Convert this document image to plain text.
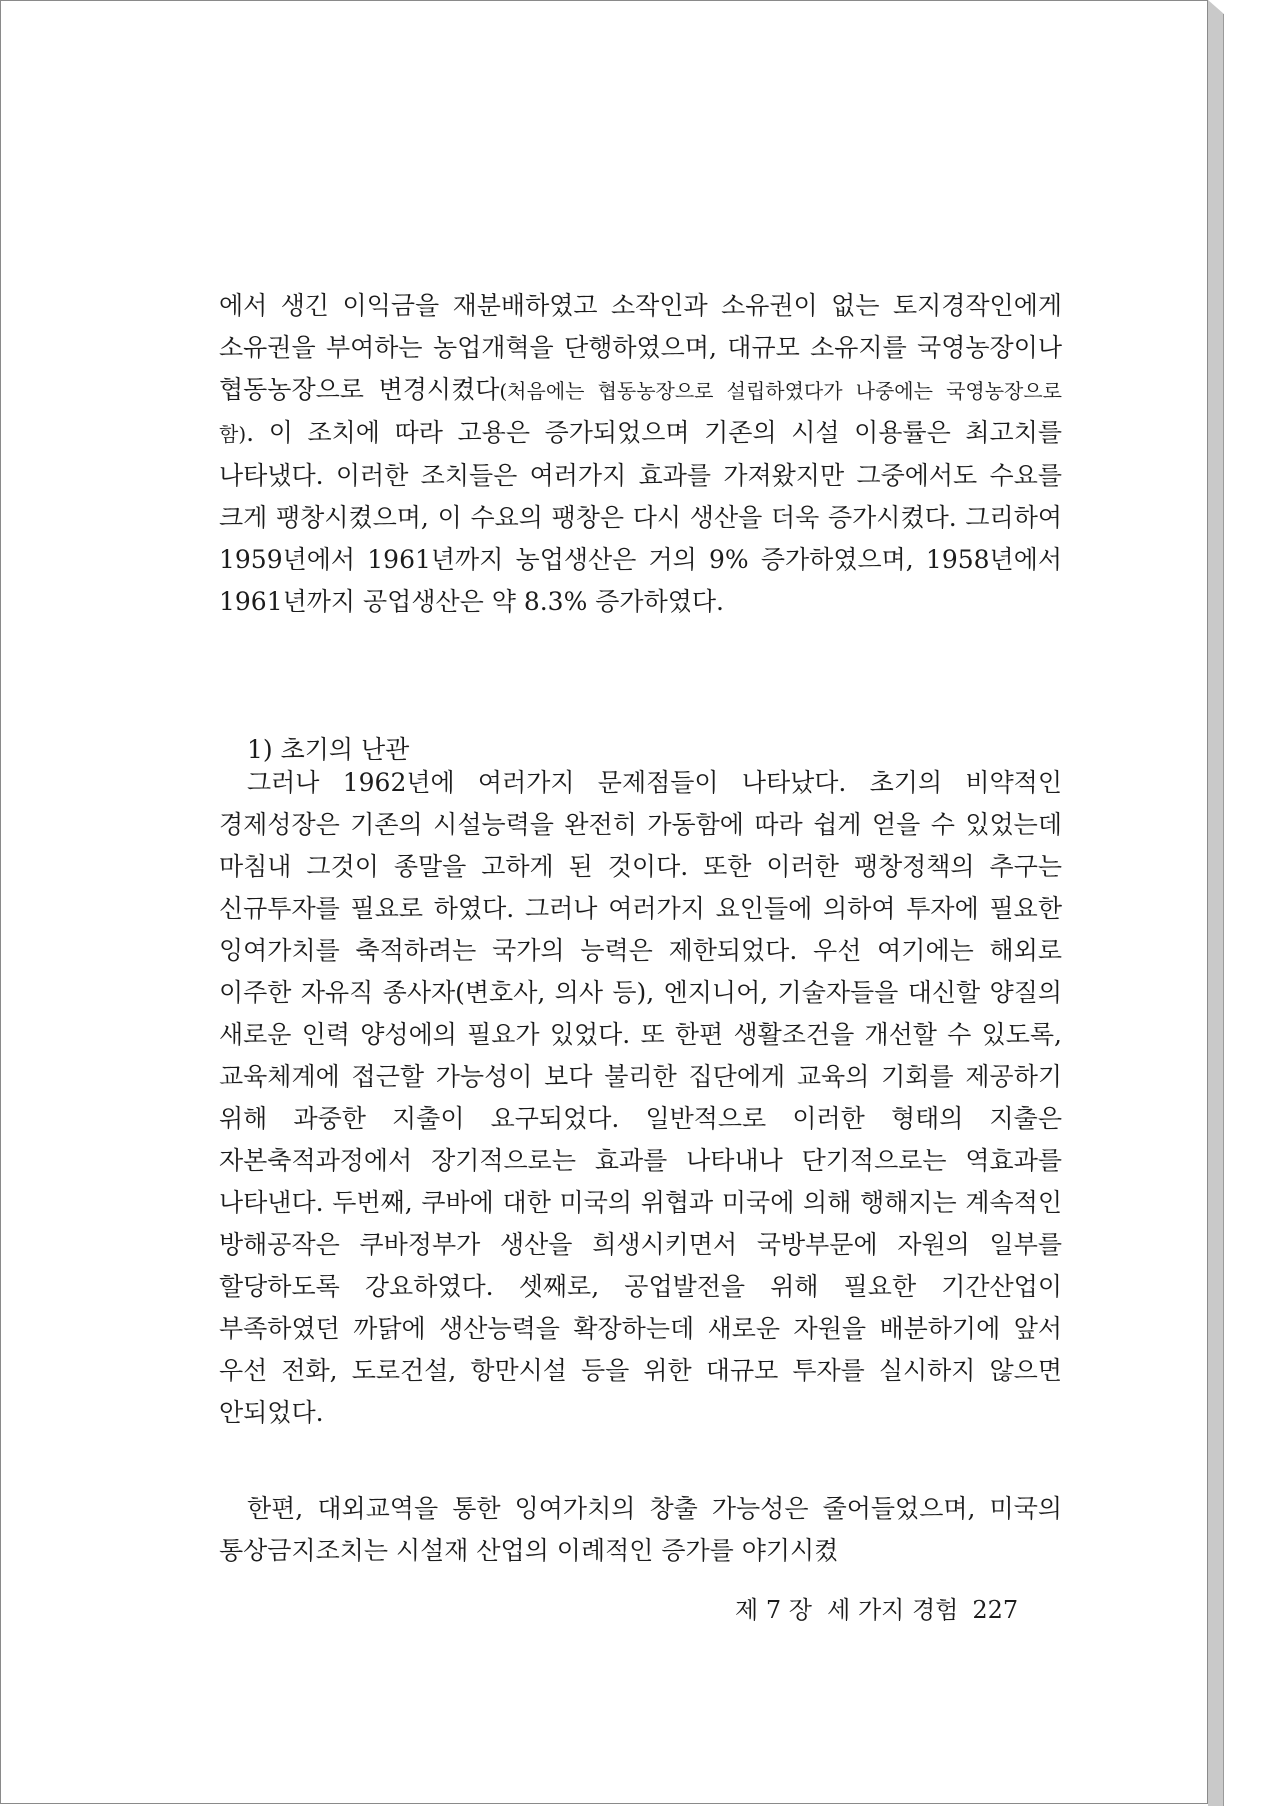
에서 생긴 이익금을 재분배하였고 소작인과 소유권이 없는 토지경작인에게 소유권을 부여하는 농업개혁을 단행하였으며, 대규모 소유지를 국영농장이나 협동농장으로 변경시켰다(처음에는 협동농장으로 설립하였다가 나중에는 국영농장으로 함). 이 조치에 따라 고용은 증가되었으며 기존의 시설 이용률은 최고치를 나타냈다. 이러한 조치들은 여러가지 효과를 가져왔지만 그중에서도 수요를 크게 팽창시켰으며, 이 수요의 팽창은 다시 생산을 더욱 증가시켰다. 그리하여 1959년에서 1961년까지 농업생산은 거의 9% 증가하였으며, 1958년에서 1961년까지 공업생산은 약 8.3% 증가하였다.
1) 초기의 난관
그러나 1962년에 여러가지 문제점들이 나타났다. 초기의 비약적인 경제성장은 기존의 시설능력을 완전히 가동함에 따라 쉽게 얻을 수 있었는데 마침내 그것이 종말을 고하게 된 것이다. 또한 이러한 팽창정책의 추구는 신규투자를 필요로 하였다. 그러나 여러가지 요인들에 의하여 투자에 필요한 잉여가치를 축적하려는 국가의 능력은 제한되었다. 우선 여기에는 해외로 이주한 자유직 종사자(변호사, 의사 등), 엔지니어, 기술자들을 대신할 양질의 새로운 인력 양성에의 필요가 있었다. 또 한편 생활조건을 개선할 수 있도록, 교육체계에 접근할 가능성이 보다 불리한 집단에게 교육의 기회를 제공하기 위해 과중한 지출이 요구되었다. 일반적으로 이러한 형태의 지출은 자본축적과정에서 장기적으로는 효과를 나타내나 단기적으로는 역효과를 나타낸다. 두번째, 쿠바에 대한 미국의 위협과 미국에 의해 행해지는 계속적인 방해공작은 쿠바정부가 생산을 희생시키면서 국방부문에 자원의 일부를 할당하도록 강요하였다. 셋째로, 공업발전을 위해 필요한 기간산업이 부족하였던 까닭에 생산능력을 확장하는데 새로운 자원을 배분하기에 앞서 우선 전화, 도로건설, 항만시설 등을 위한 대규모 투자를 실시하지 않으면 안되었다.
한편, 대외교역을 통한 잉여가치의 창출 가능성은 줄어들었으며, 미국의 통상금지조치는 시설재 산업의 이례적인 증가를 야기시켰
제 7 장  세 가지 경험 227
